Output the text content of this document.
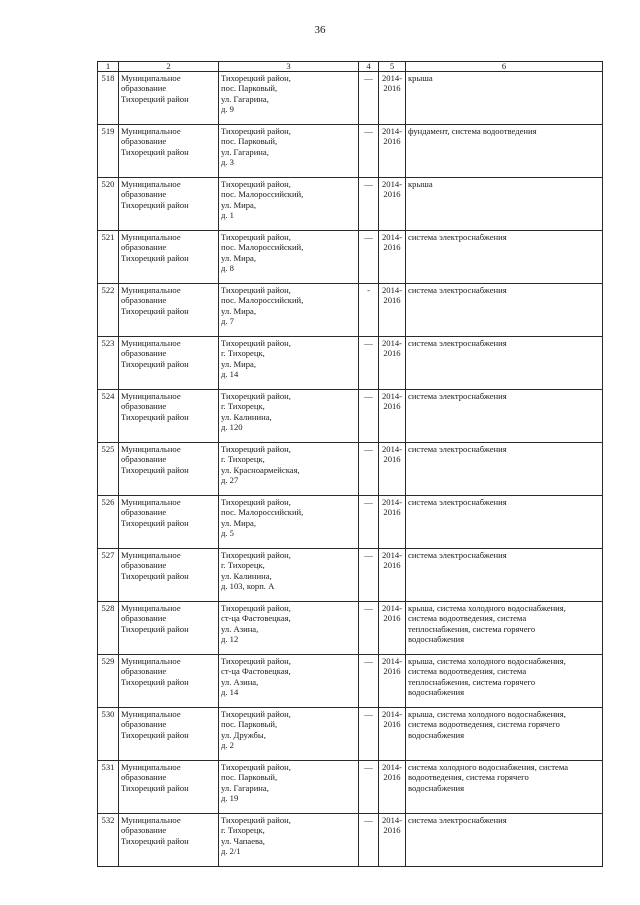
36
1	2	3	4	5	6
518	Муниципальное
образование
Тихорецкий район	Тихорецкий район,
пос. Парковый,
ул. Гагарина,
д. 9	—	2014-
2016	крыша

519	Муниципальное
образование
Тихорецкий район	Тихорецкий район,
пос. Парковый,
ул. Гагарина,
д. 3	—	2014-
2016	фундамент, система водоотведения

520	Муниципальное
образование
Тихорецкий район	Тихорецкий район,
пос. Малороссийский,
ул. Мира,
д. 1	—	2014-
2016	крыша

521	Муниципальное
образование
Тихорецкий район	Тихорецкий район,
пос. Малороссийский,
ул. Мира,
д. 8	—	2014-
2016	система электроснабжения

522	Муниципальное
образование
Тихорецкий район	Тихорецкий район,
пос. Малороссийский,
ул. Мира,
д. 7	-	2014-
2016	система электроснабжения

523	Муниципальное
образование
Тихорецкий район	Тихорецкий район,
г. Тихорецк,
ул. Мира,
д. 14	—	2014-
2016	система электроснабжения

524	Муниципальное
образование
Тихорецкий район	Тихорецкий район,
г. Тихорецк,
ул. Калинина,
д. 120	—	2014-
2016	система электроснабжения

525	Муниципальное
образование
Тихорецкий район	Тихорецкий район,
г. Тихорецк,
ул. Красноармейская,
д. 27	—	2014-
2016	система электроснабжения

526	Муниципальное
образование
Тихорецкий район	Тихорецкий район,
пос. Малороссийский,
ул. Мира,
д. 5	—	2014-
2016	система электроснабжения

527	Муниципальное
образование
Тихорецкий район	Тихорецкий район,
г. Тихорецк,
ул. Калинина,
д. 103, корп. А	—	2014-
2016	система электроснабжения

528	Муниципальное
образование
Тихорецкий район	Тихорецкий район,
ст-ца Фастовецкая,
ул. Азина,
д. 12	—	2014-
2016	крыша, система холодного водоснабжения,
система водоотведения, система
теплоснабжения, система горячего
водоснабжения

529	Муниципальное
образование
Тихорецкий район	Тихорецкий район,
ст-ца Фастовецкая,
ул. Азина,
д. 14	—	2014-
2016	крыша, система холодного водоснабжения,
система водоотведения, система
теплоснабжения, система горячего
водоснабжения

530	Муниципальное
образование
Тихорецкий район	Тихорецкий район,
пос. Парковый,
ул. Дружбы,
д. 2	—	2014-
2016	крыша, система холодного водоснабжения,
система водоотведения, система горячего
водоснабжения

531	Муниципальное
образование
Тихорецкий район	Тихорецкий район,
пос. Парковый,
ул. Гагарина,
д. 19	—	2014-
2016	система холодного водоснабжения, система
водоотведения, система горячего
водоснабжения

532	Муниципальное
образование
Тихорецкий район	Тихорецкий район,
г. Тихорецк,
ул. Чапаева,
д. 2/1	—	2014-
2016	система электроснабжения
